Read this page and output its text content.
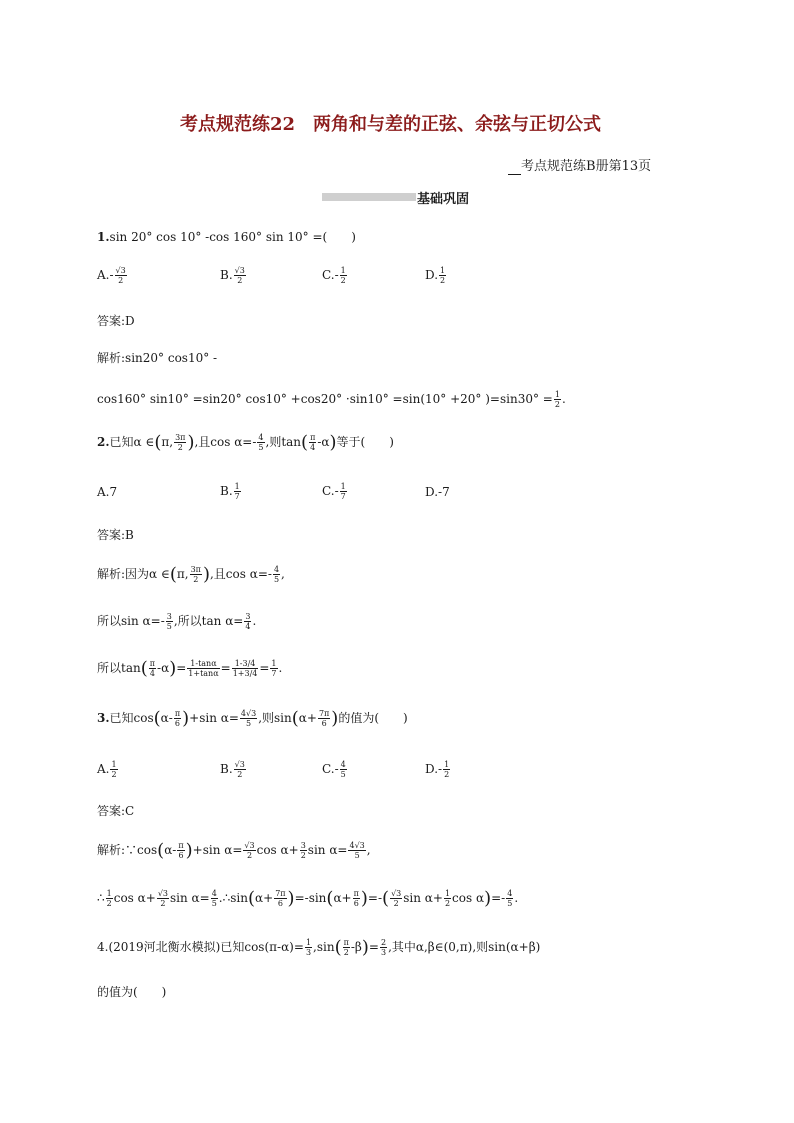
考点规范练22　两角和与差的正弦、余弦与正切公式
　考点规范练B册第13页
基础巩固
1.sin 20° cos 10° -cos 160° sin 10° =(　　)
$A.- \frac{√3}{2}$	B. $\frac{√3}{2}$	$C.- \frac{1}{2}$	D. $\frac{1}{2}$
答案:D
解析:sin20° cos10° -
cos160° sin10° =sin20° cos10° +cos20° ·sin10° =sin(10° +20° )$=\sin 30^\circ = \frac{1}{2}$ .
2.已知α ∈(π, $\frac{3\pi}{2}$ ),且$\cos \alpha=- \frac{4}{5}$ ,则$\tan( \frac{\pi}{4} -\alpha)$等于(　　)
A.7	B. $\frac{1}{7}$	$C.- \frac{1}{7}$	D.-7
答案:B
解析:因为α ∈(π, $\frac{3\pi}{2}$ ),且$\cos \alpha=- \frac{4}{5}$ ,
所以$\sin \alpha=- \frac{3}{5}$ ,所以$\tan \alpha= \frac{3}{4}$ .
所以$\tan( \frac{\pi}{4} -\alpha)= \frac{1-\tan\alpha}{1+\tan\alpha} = \frac{1-3/4}{1+3/4} = \frac{1}{7}$ .
3.已知$\cos(\alpha- \frac{\pi}{6} )+\sin$ $\alpha= \frac{4√3}{5}$ ,则$\sin(\alpha+ \frac{7\pi}{6}$ )的值为(　　)
A. $\frac{1}{2}$	B. $\frac{√3}{2}$	$C.- \frac{4}{5}$	$D.- \frac{1}{2}$
答案:C
解析:∵cos(α- $\frac{\pi}{6} )+\sin$ $\alpha= \frac{√3}{2}$ $\cos \alpha+ \frac{3}{2}$ $\sin \alpha= \frac{4√3}{5}$ ,
∴ $\frac{1}{2}$ $\cos \alpha+ \frac{√3}{2}$ $\sin \alpha= \frac{4}{5}$ .∴sin(α+ $\frac{7\pi}{6} )=-\sin(\alpha+ \frac{\pi}{6}$ )=-( $\frac{√3}{2}$ $\sin \alpha+ \frac{1}{2}$ $\cos \alpha)=- \frac{4}{5}$ .
4.(2019河北衡水模拟)已知$\cos(\pi-\alpha)= \frac{1}{3} ,\sin( \frac{\pi}{2} -\beta)= \frac{2}{3}$ ,其中α,β∈(0,π),则sin(α+β)
的值为(　　)
